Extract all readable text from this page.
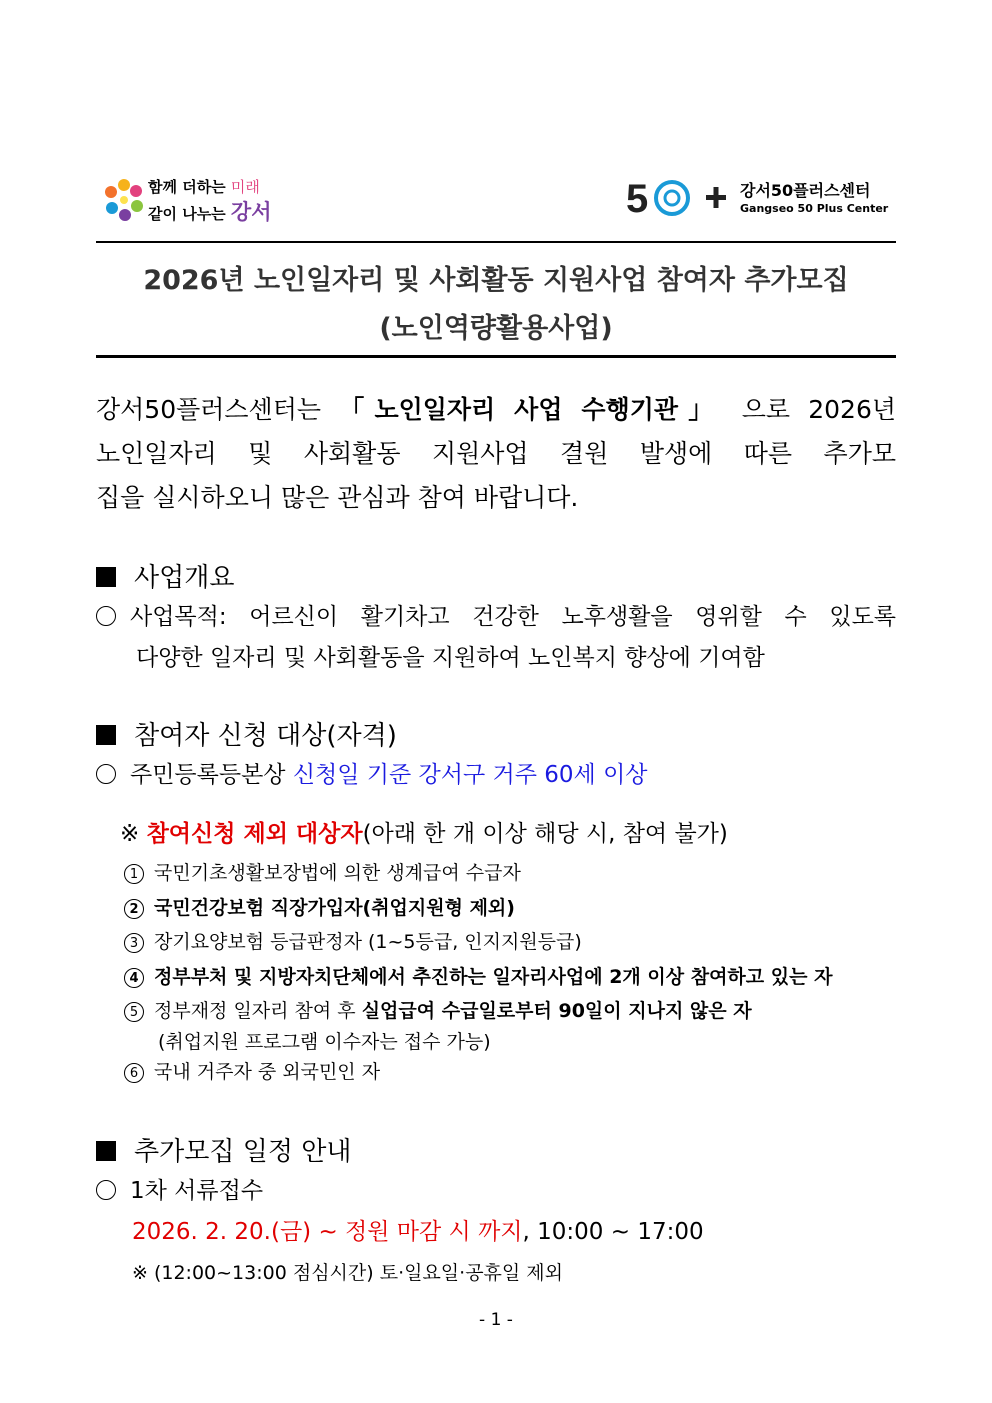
함께 더하는 미래
같이 나누는 강서	5	강서50플러스센터
Gangseo 50 Plus Center
2026년 노인일자리 및 사회활동 지원사업 참여자 추가모집
(노인역량활용사업)
강서50플러스센터는 「노인일자리 사업 수행기관」 으로 2026년
노인일자리 및 사회활동 지원사업 결원 발생에 따른 추가모
집을 실시하오니 많은 관심과 참여 바랍니다.
사업개요
사업목적: 어르신이 활기차고 건강한 노후생활을 영위할 수 있도록
다양한 일자리 및 사회활동을 지원하여 노인복지 향상에 기여함
참여자 신청 대상(자격)
주민등록등본상 신청일 기준 강서구 거주 60세 이상
※ 참여신청 제외 대상자(아래 한 개 이상 해당 시, 참여 불가)
1 국민기초생활보장법에 의한 생계급여 수급자
2 국민건강보험 직장가입자(취업지원형 제외)
3 장기요양보험 등급판정자 (1~5등급, 인지지원등급)
4 정부부처 및 지방자치단체에서 추진하는 일자리사업에 2개 이상 참여하고 있는 자
5 정부재정 일자리 참여 후 실업급여 수급일로부터 90일이 지나지 않은 자
(취업지원 프로그램 이수자는 접수 가능)
6 국내 거주자 중 외국민인 자
추가모집 일정 안내
1차 서류접수
2026. 2. 20.(금) ~ 정원 마감 시 까지, 10:00 ~ 17:00
※ (12:00~13:00 점심시간) 토·일요일·공휴일 제외
- 1 -
